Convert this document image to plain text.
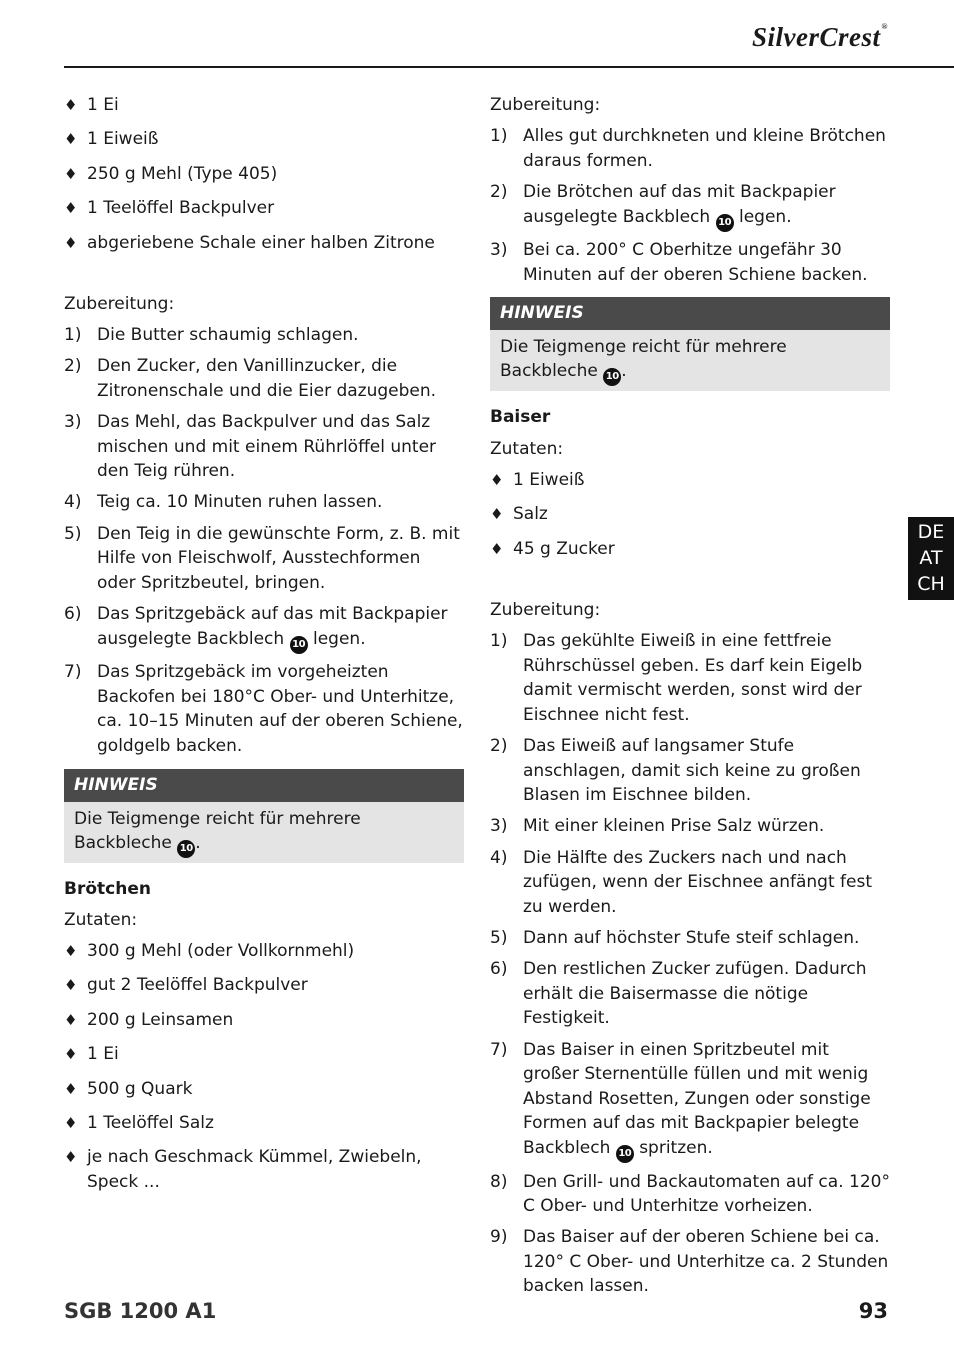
SilverCrest®
♦ 1 Ei
♦ 1 Eiweiß
♦ 250 g Mehl (Type 405)
♦ 1 Teelöffel Backpulver
♦ abgeriebene Schale einer halben Zitrone
Zubereitung:
1) Die Butter schaumig schlagen.
2) Den Zucker, den Vanillinzucker, die Zitronenschale und die Eier dazugeben.
3) Das Mehl, das Backpulver und das Salz mischen und mit einem Rührlöffel unter den Teig rühren.
4) Teig ca. 10 Minuten ruhen lassen.
5) Den Teig in die gewünschte Form, z. B. mit Hilfe von Fleischwolf, Ausstechformen oder Spritzbeutel, bringen.
6) Das Spritzgebäck auf das mit Backpapier ausgelegte Backblech 10 legen.
7) Das Spritzgebäck im vorgeheizten Backofen bei 180°C Ober- und Unterhitze, ca. 10–15 Minuten auf der oberen Schiene, goldgelb backen.
HINWEIS
Die Teigmenge reicht für mehrere Backbleche 10 .
Brötchen
Zutaten:
♦ 300 g Mehl (oder Vollkornmehl)
♦ gut 2 Teelöffel Backpulver
♦ 200 g Leinsamen
♦ 1 Ei
♦ 500 g Quark
♦ 1 Teelöffel Salz
♦ je nach Geschmack Kümmel, Zwiebeln, Speck ...
Zubereitung:
1) Alles gut durchkneten und kleine Brötchen daraus formen.
2) Die Brötchen auf das mit Backpapier ausgelegte Backblech 10 legen.
3) Bei ca. 200° C Oberhitze ungefähr 30 Minuten auf der oberen Schiene backen.
HINWEIS
Die Teigmenge reicht für mehrere Backbleche 10 .
Baiser
Zutaten:
♦ 1 Eiweiß
♦ Salz
♦ 45 g Zucker
Zubereitung:
1) Das gekühlte Eiweiß in eine fettfreie Rührschüssel geben. Es darf kein Eigelb damit vermischt werden, sonst wird der Eischnee nicht fest.
2) Das Eiweiß auf langsamer Stufe anschlagen, damit sich keine zu großen Blasen im Eischnee bilden.
3) Mit einer kleinen Prise Salz würzen.
4) Die Hälfte des Zuckers nach und nach zufügen, wenn der Eischnee anfängt fest zu werden.
5) Dann auf höchster Stufe steif schlagen.
6) Den restlichen Zucker zufügen. Dadurch erhält die Baisermasse die nötige Festigkeit.
7) Das Baiser in einen Spritzbeutel mit großer Sternentülle füllen und mit wenig Abstand Rosetten, Zungen oder sonstige Formen auf das mit Backpapier belegte Backblech 10 spritzen.
8) Den Grill- und Backautomaten auf ca. 120° C Ober- und Unterhitze vorheizen.
9) Das Baiser auf der oberen Schiene bei ca. 120° C Ober- und Unterhitze ca. 2 Stunden backen lassen.
DE
AT
CH
SGB 1200 A1	93
